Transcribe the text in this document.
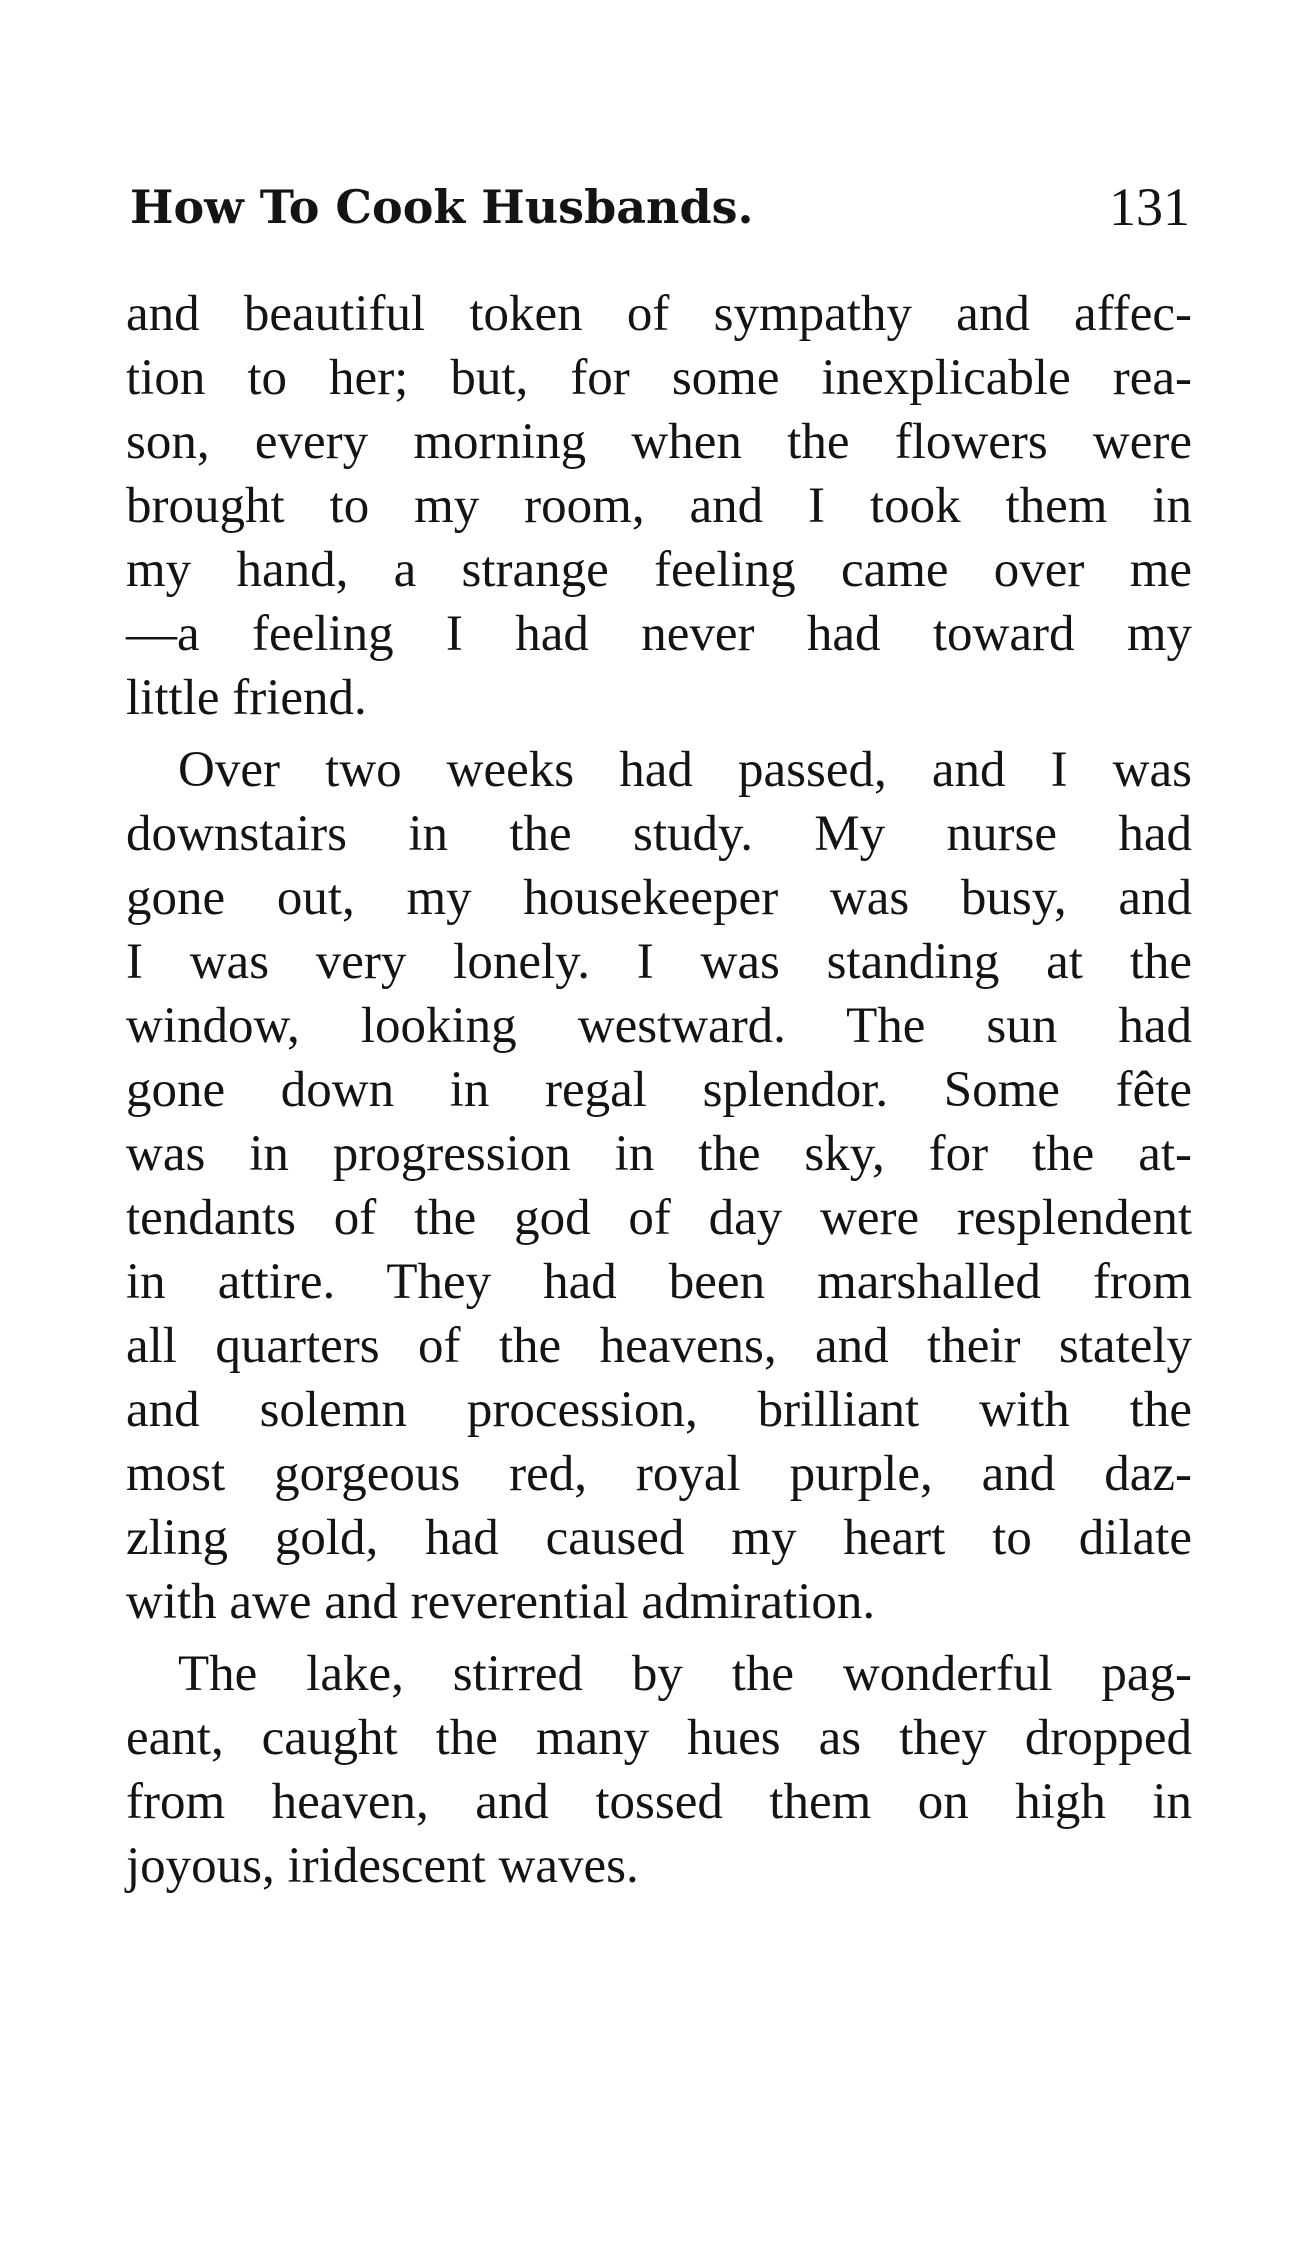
How To Cook Husbands.	131
and beautiful token of sympathy and affec-
tion to her; but, for some inexplicable rea-
son, every morning when the flowers were
brought to my room, and I took them in
my hand, a strange feeling came over me
—a feeling I had never had toward my
little friend.
Over two weeks had passed, and I was
downstairs in the study. My nurse had
gone out, my housekeeper was busy, and
I was very lonely. I was standing at the
window, looking westward. The sun had
gone down in regal splendor. Some fête
was in progression in the sky, for the at-
tendants of the god of day were resplendent
in attire. They had been marshalled from
all quarters of the heavens, and their stately
and solemn procession, brilliant with the
most gorgeous red, royal purple, and daz-
zling gold, had caused my heart to dilate
with awe and reverential admiration.
The lake, stirred by the wonderful pag-
eant, caught the many hues as they dropped
from heaven, and tossed them on high in
joyous, iridescent waves.
